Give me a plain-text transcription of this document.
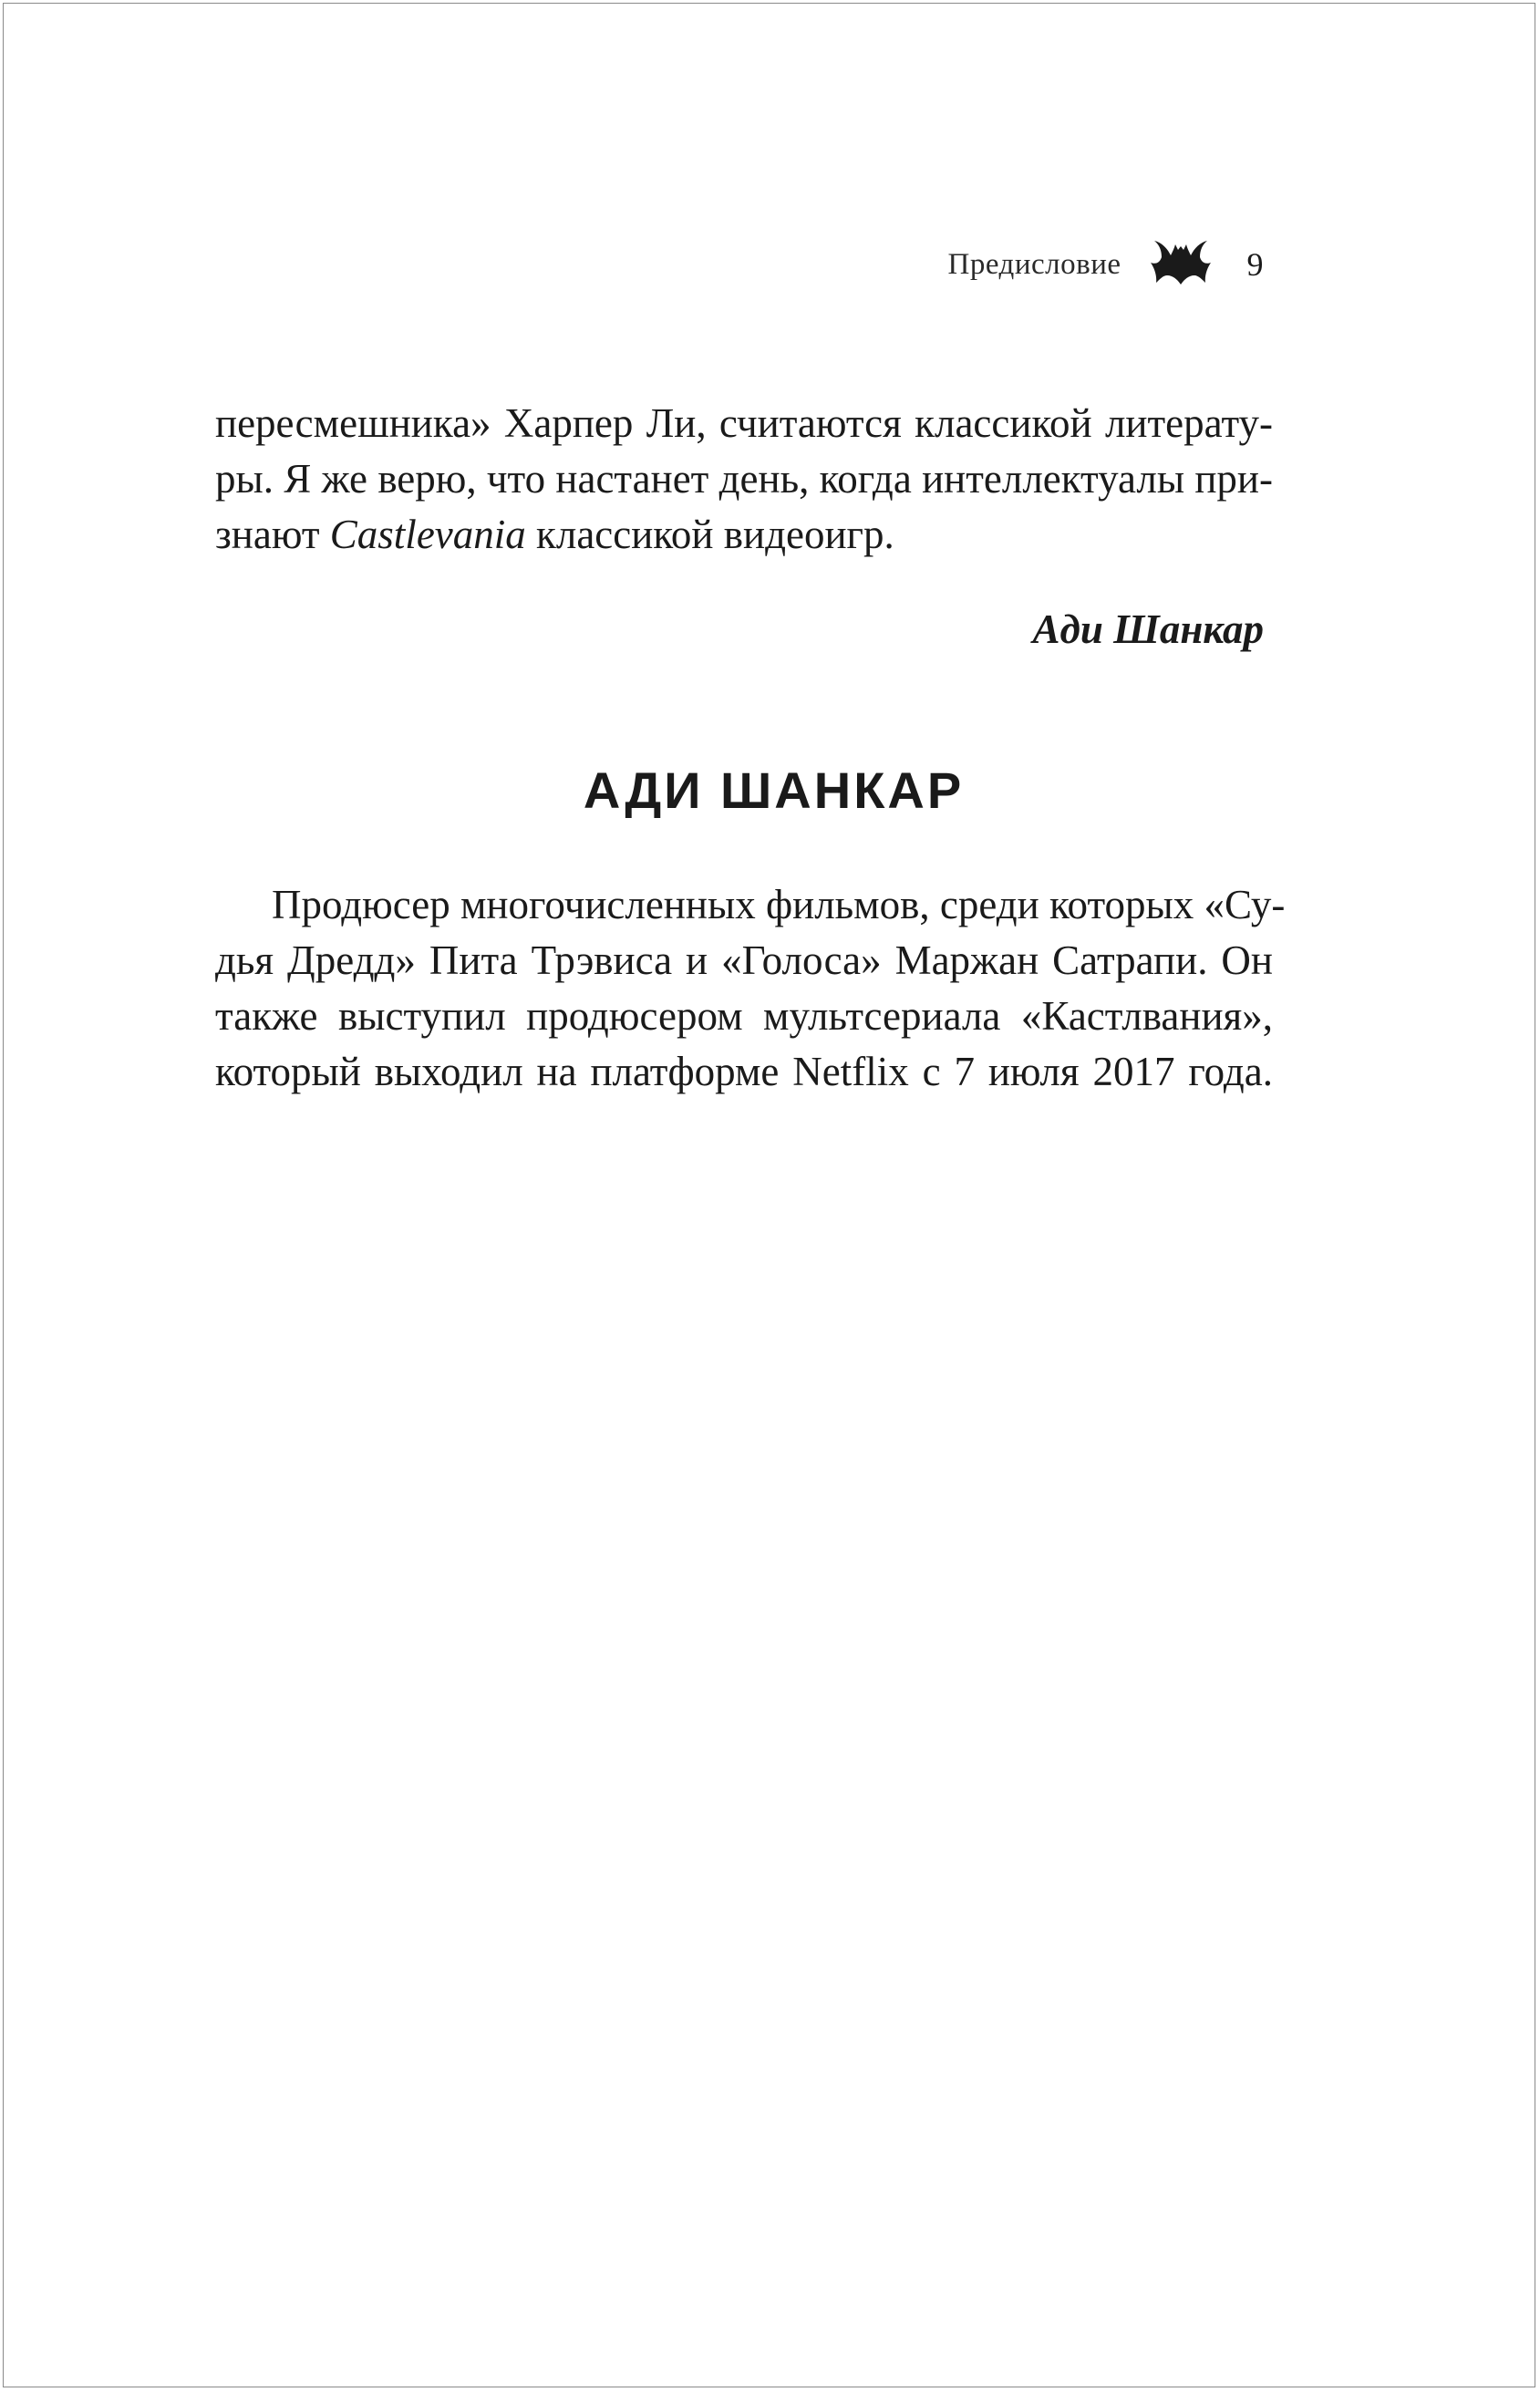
Предисловие	9
пересмешника» Харпер Ли, считаются классикой литерату-
ры. Я же верю, что настанет день, когда интеллектуалы при-
знают Castlevania классикой видеоигр.
Ади Шанкар
АДИ ШАНКАР
Продюсер многочисленных фильмов, среди которых «Су-
дья Дредд» Пита Трэвиса и «Голоса» Маржан Сатрапи. Он
также выступил продюсером мультсериала «Кастлвания»,
который выходил на платформе Netflix с 7 июля 2017 года.
